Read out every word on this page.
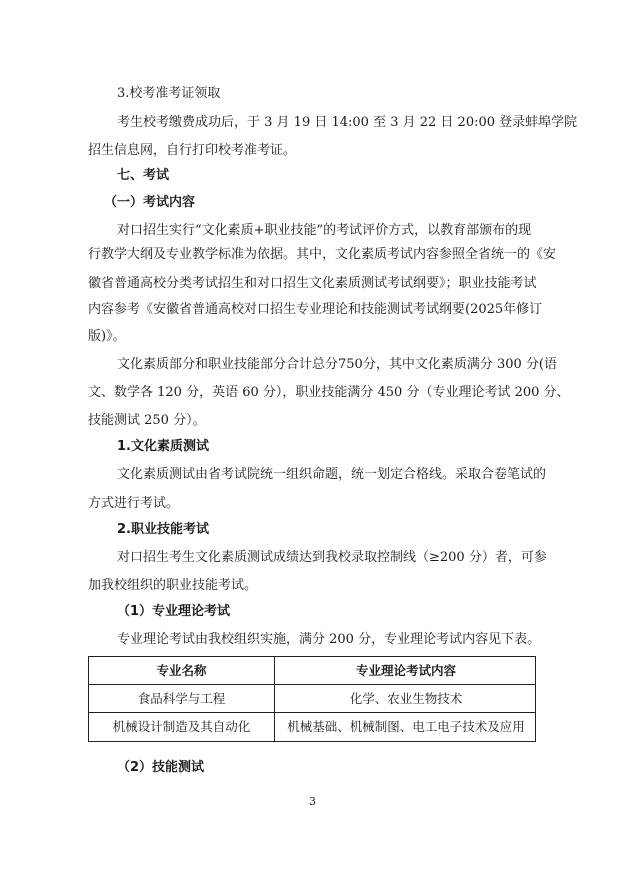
3.校考准考证领取
考生校考缴费成功后，于 3 月 19 日 14:00 至 3 月 22 日 20:00 登录蚌埠学院
招生信息网，自行打印校考准考证。
七、考试
（一）考试内容
对口招生实行“文化素质+职业技能”的考试评价方式，以教育部颁布的现
行教学大纲及专业教学标准为依据。其中，文化素质考试内容参照全省统一的《安
徽省普通高校分类考试招生和对口招生文化素质测试考试纲要》；职业技能考试
内容参考《安徽省普通高校对口招生专业理论和技能测试考试纲要(2025年修订
版)》。
文化素质部分和职业技能部分合计总分750分，其中文化素质满分 300 分(语
文、数学各 120 分，英语 60 分），职业技能满分 450 分（专业理论考试 200 分、
技能测试 250 分）。
1.文化素质测试
文化素质测试由省考试院统一组织命题，统一划定合格线。采取合卷笔试的
方式进行考试。
2.职业技能考试
对口招生考生文化素质测试成绩达到我校录取控制线（≥200 分）者，可参
加我校组织的职业技能考试。
（1）专业理论考试
专业理论考试由我校组织实施，满分 200 分，专业理论考试内容见下表。
专业名称	专业理论考试内容
食品科学与工程	化学、农业生物技术
机械设计制造及其自动化	机械基础、机械制图、电工电子技术及应用
（2）技能测试
3
